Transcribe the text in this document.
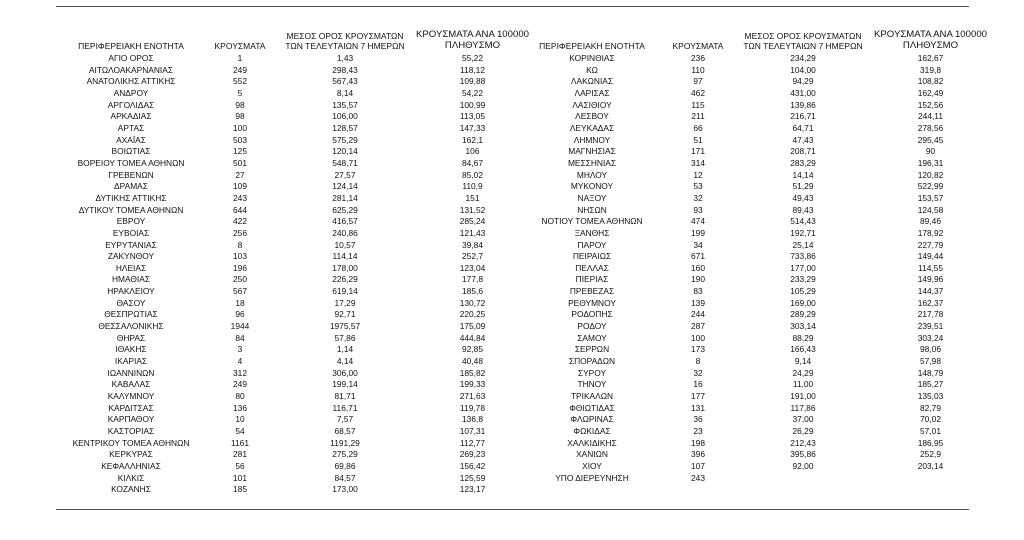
ΠΕΡΙΦΕΡΕΙΑΚΗ ΕΝΟΤΗΤΑ	ΚΡΟΥΣΜΑΤΑ	ΜΕΣΟΣ ΟΡΟΣ ΚΡΟΥΣΜΑΤΩΝ
ΤΩΝ ΤΕΛΕΥΤΑΙΩΝ 7 ΗΜΕΡΩΝ	ΚΡΟΥΣΜΑΤΑ ΑΝΑ 100000
ΠΛΗΘΥΣΜΟ
ΑΓΙΟ ΟΡΟΣ	1	1,43	55,22
ΑΙΤΩΛΟΑΚΑΡΝΑΝΙΑΣ	249	298,43	118,12
ΑΝΑΤΟΛΙΚΗΣ ΑΤΤΙΚΗΣ	552	567,43	109,88
ΑΝΔΡΟΥ	5	8,14	54,22
ΑΡΓΟΛΙΔΑΣ	98	135,57	100,99
ΑΡΚΑΔΙΑΣ	98	106,00	113,05
ΑΡΤΑΣ	100	128,57	147,33
ΑΧΑΪΑΣ	503	575,29	162,1
ΒΟΙΩΤΙΑΣ	125	120,14	106
ΒΟΡΕΙΟΥ ΤΟΜΕΑ ΑΘΗΝΩΝ	501	548,71	84,67
ΓΡΕΒΕΝΩΝ	27	27,57	85,02
ΔΡΑΜΑΣ	109	124,14	110,9
ΔΥΤΙΚΗΣ ΑΤΤΙΚΗΣ	243	281,14	151
ΔΥΤΙΚΟΥ ΤΟΜΕΑ ΑΘΗΝΩΝ	644	625,29	131,52
ΕΒΡΟΥ	422	416,57	285,24
ΕΥΒΟΙΑΣ	256	240,86	121,43
ΕΥΡΥΤΑΝΙΑΣ	8	10,57	39,84
ΖΑΚΥΝΘΟΥ	103	114,14	252,7
ΗΛΕΙΑΣ	196	178,00	123,04
ΗΜΑΘΙΑΣ	250	226,29	177,8
ΗΡΑΚΛΕΙΟΥ	567	619,14	185,6
ΘΑΣΟΥ	18	17,29	130,72
ΘΕΣΠΡΩΤΙΑΣ	96	92,71	220,25
ΘΕΣΣΑΛΟΝΙΚΗΣ	1944	1975,57	175,09
ΘΗΡΑΣ	84	57,86	444,84
ΙΘΑΚΗΣ	3	1,14	92,85
ΙΚΑΡΙΑΣ	4	4,14	40,48
ΙΩΑΝΝΙΝΩΝ	312	306,00	185,82
ΚΑΒΑΛΑΣ	249	199,14	199,33
ΚΑΛΥΜΝΟΥ	80	81,71	271,63
ΚΑΡΔΙΤΣΑΣ	136	116,71	119,78
ΚΑΡΠΑΘΟΥ	10	7,57	136,8
ΚΑΣΤΟΡΙΑΣ	54	68,57	107,31
ΚΕΝΤΡΙΚΟΥ ΤΟΜΕΑ ΑΘΗΝΩΝ	1161	1191,29	112,77
ΚΕΡΚΥΡΑΣ	281	275,29	269,23
ΚΕΦΑΛΛΗΝΙΑΣ	56	69,86	156,42
ΚΙΛΚΙΣ	101	84,57	125,59
ΚΟΖΑΝΗΣ	185	173,00	123,17
ΠΕΡΙΦΕΡΕΙΑΚΗ ΕΝΟΤΗΤΑ	ΚΡΟΥΣΜΑΤΑ	ΜΕΣΟΣ ΟΡΟΣ ΚΡΟΥΣΜΑΤΩΝ
ΤΩΝ ΤΕΛΕΥΤΑΙΩΝ 7 ΗΜΕΡΩΝ	ΚΡΟΥΣΜΑΤΑ ΑΝΑ 100000
ΠΛΗΘΥΣΜΟ
ΚΟΡΙΝΘΙΑΣ	236	234,29	162,67
ΚΩ	110	104,00	319,8
ΛΑΚΩΝΙΑΣ	97	94,29	108,82
ΛΑΡΙΣΑΣ	462	431,00	162,49
ΛΑΣΙΘΙΟΥ	115	139,86	152,56
ΛΕΣΒΟΥ	211	216,71	244,11
ΛΕΥΚΑΔΑΣ	66	64,71	278,56
ΛΗΜΝΟΥ	51	47,43	295,45
ΜΑΓΝΗΣΙΑΣ	171	208,71	90
ΜΕΣΣΗΝΙΑΣ	314	283,29	196,31
ΜΗΛΟΥ	12	14,14	120,82
ΜΥΚΟΝΟΥ	53	51,29	522,99
ΝΑΞΟΥ	32	49,43	153,57
ΝΗΣΩΝ	93	89,43	124,58
ΝΟΤΙΟΥ ΤΟΜΕΑ ΑΘΗΝΩΝ	474	514,43	89,46
ΞΑΝΘΗΣ	199	192,71	178,92
ΠΑΡΟΥ	34	25,14	227,79
ΠΕΙΡΑΙΩΣ	671	733,86	149,44
ΠΕΛΛΑΣ	160	177,00	114,55
ΠΙΕΡΙΑΣ	190	233,29	149,96
ΠΡΕΒΕΖΑΣ	83	105,29	144,37
ΡΕΘΥΜΝΟΥ	139	169,00	162,37
ΡΟΔΟΠΗΣ	244	289,29	217,78
ΡΟΔΟΥ	287	303,14	239,51
ΣΑΜΟΥ	100	88,29	303,24
ΣΕΡΡΩΝ	173	166,43	98,06
ΣΠΟΡΑΔΩΝ	8	9,14	57,98
ΣΥΡΟΥ	32	24,29	148,79
ΤΗΝΟΥ	16	11,00	185,27
ΤΡΙΚΑΛΩΝ	177	191,00	135,03
ΦΘΙΩΤΙΔΑΣ	131	117,86	82,79
ΦΛΩΡΙΝΑΣ	36	37,00	70,02
ΦΩΚΙΔΑΣ	23	26,29	57,01
ΧΑΛΚΙΔΙΚΗΣ	198	212,43	186,95
ΧΑΝΙΩΝ	396	395,86	252,9
ΧΙΟΥ	107	92,00	203,14
ΥΠΟ ΔΙΕΡΕΥΝΗΣΗ	243		
